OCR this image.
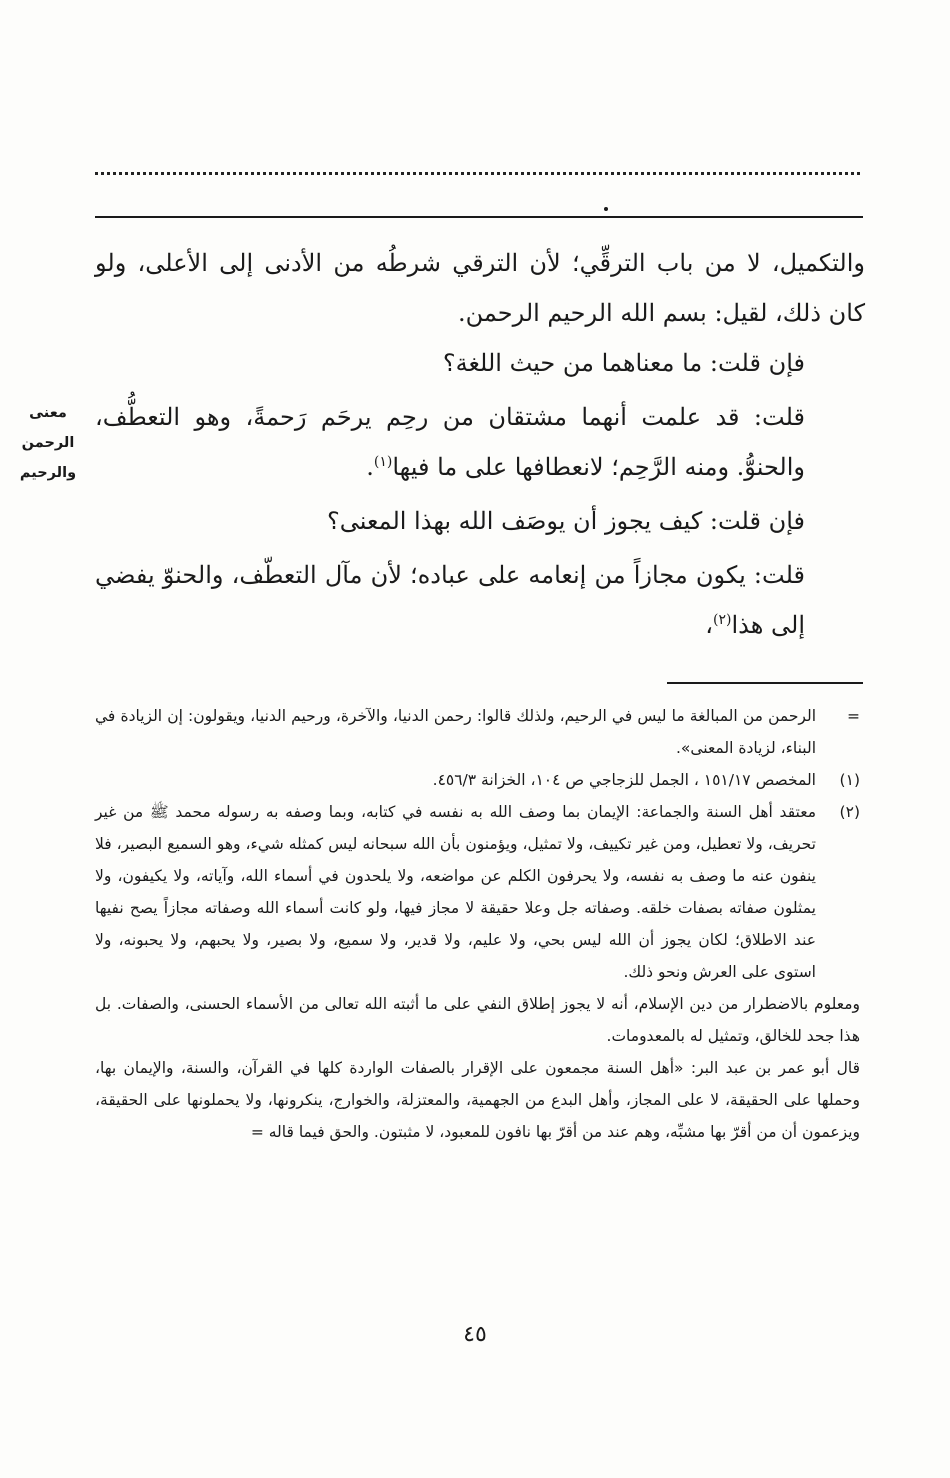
والتكميل، لا من باب الترقِّي؛ لأن الترقي شرطُه من الأدنى إلى الأعلى، ولو كان ذلك، لقيل: بسم الله الرحيم الرحمن.

فإن قلت: ما معناهما من حيث اللغة؟

قلت: قد علمت أنهما مشتقان من رحِم يرحَم رَحمةً، وهو التعطُّف، والحنوُّ. ومنه الرَّحِم؛ لانعطافها على ما فيها$^{(١)}$.

فإن قلت: كيف يجوز أن يوصَف الله بهذا المعنى؟

قلت: يكون مجازاً من إنعامه على عباده؛ لأن مآل التعطّف، والحنوّ يفضي إلى هذا$^{(٢)}$،

معنى
الرحمن
والرحيم
=
الرحمن من المبالغة ما ليس في الرحيم، ولذلك قالوا: رحمن الدنيا، والآخرة، ورحيم الدنيا، ويقولون: إن الزيادة في البناء، لزيادة المعنى».
(١)
المخصص ١٥١/١٧ ، الجمل للزجاجي ص ١٠٤، الخزانة ٤٥٦/٣.
(٢)
معتقد أهل السنة والجماعة: الإيمان بما وصف الله به نفسه في كتابه، وبما وصفه به رسوله محمد ﷺ من غير تحريف، ولا تعطيل، ومن غير تكييف، ولا تمثيل، ويؤمنون بأن الله سبحانه ليس كمثله شيء، وهو السميع البصير، فلا ينفون عنه ما وصف به نفسه، ولا يحرفون الكلم عن مواضعه، ولا يلحدون في أسماء الله، وآياته، ولا يكيفون، ولا يمثلون صفاته بصفات خلقه. وصفاته جل وعلا حقيقة لا مجاز فيها، ولو كانت أسماء الله وصفاته مجازاً يصح نفيها عند الاطلاق؛ لكان يجوز أن الله ليس بحي، ولا عليم، ولا قدير، ولا سميع، ولا بصير، ولا يحبهم، ولا يحبونه، ولا استوى على العرش ونحو ذلك.
ومعلوم بالاضطرار من دين الإسلام، أنه لا يجوز إطلاق النفي على ما أثبته الله تعالى من الأسماء الحسنى، والصفات. بل هذا جحد للخالق، وتمثيل له بالمعدومات.
قال أبو عمر بن عبد البر: «أهل السنة مجمعون على الإقرار بالصفات الواردة كلها في القرآن، والسنة، والإيمان بها، وحملها على الحقيقة، لا على المجاز، وأهل البدع من الجهمية، والمعتزلة، والخوارج، ينكرونها، ولا يحملونها على الحقيقة، ويزعمون أن من أقرّ بها مشبِّه، وهم عند من أقرّ بها نافون للمعبود، لا مثبتون. والحق فيما قاله =
٤٥
